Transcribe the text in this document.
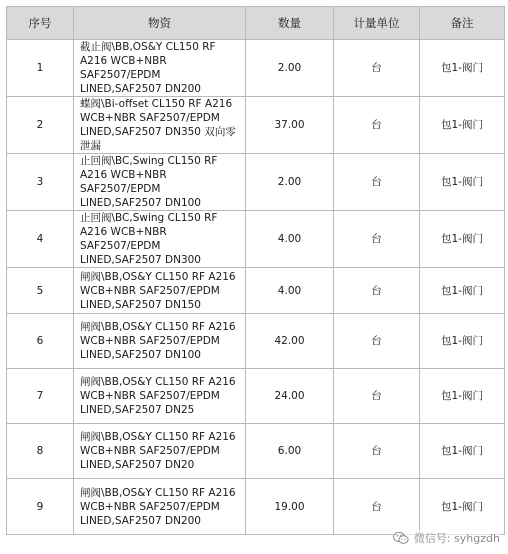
序号	物资	数量	计量单位	备注
1	截止阀\BB,OS&Y CL150 RF
A216 WCB+NBR
SAF2507/EPDM
LINED,SAF2507 DN200	2.00	台	包1-阀门
2	蝶阀\Bi-offset CL150 RF A216
WCB+NBR SAF2507/EPDM
LINED,SAF2507 DN350 双向零
泄漏	37.00	台	包1-阀门
3	止回阀\BC,Swing CL150 RF
A216 WCB+NBR
SAF2507/EPDM
LINED,SAF2507 DN100	2.00	台	包1-阀门
4	止回阀\BC,Swing CL150 RF
A216 WCB+NBR
SAF2507/EPDM
LINED,SAF2507 DN300	4.00	台	包1-阀门
5	闸阀\BB,OS&Y CL150 RF A216
WCB+NBR SAF2507/EPDM
LINED,SAF2507 DN150	4.00	台	包1-阀门
6	闸阀\BB,OS&Y CL150 RF A216
WCB+NBR SAF2507/EPDM
LINED,SAF2507 DN100	42.00	台	包1-阀门
7	闸阀\BB,OS&Y CL150 RF A216
WCB+NBR SAF2507/EPDM
LINED,SAF2507 DN25	24.00	台	包1-阀门
8	闸阀\BB,OS&Y CL150 RF A216
WCB+NBR SAF2507/EPDM
LINED,SAF2507 DN20	6.00	台	包1-阀门
9	闸阀\BB,OS&Y CL150 RF A216
WCB+NBR SAF2507/EPDM
LINED,SAF2507 DN200	19.00	台	包1-阀门
微信号: syhgzdh
